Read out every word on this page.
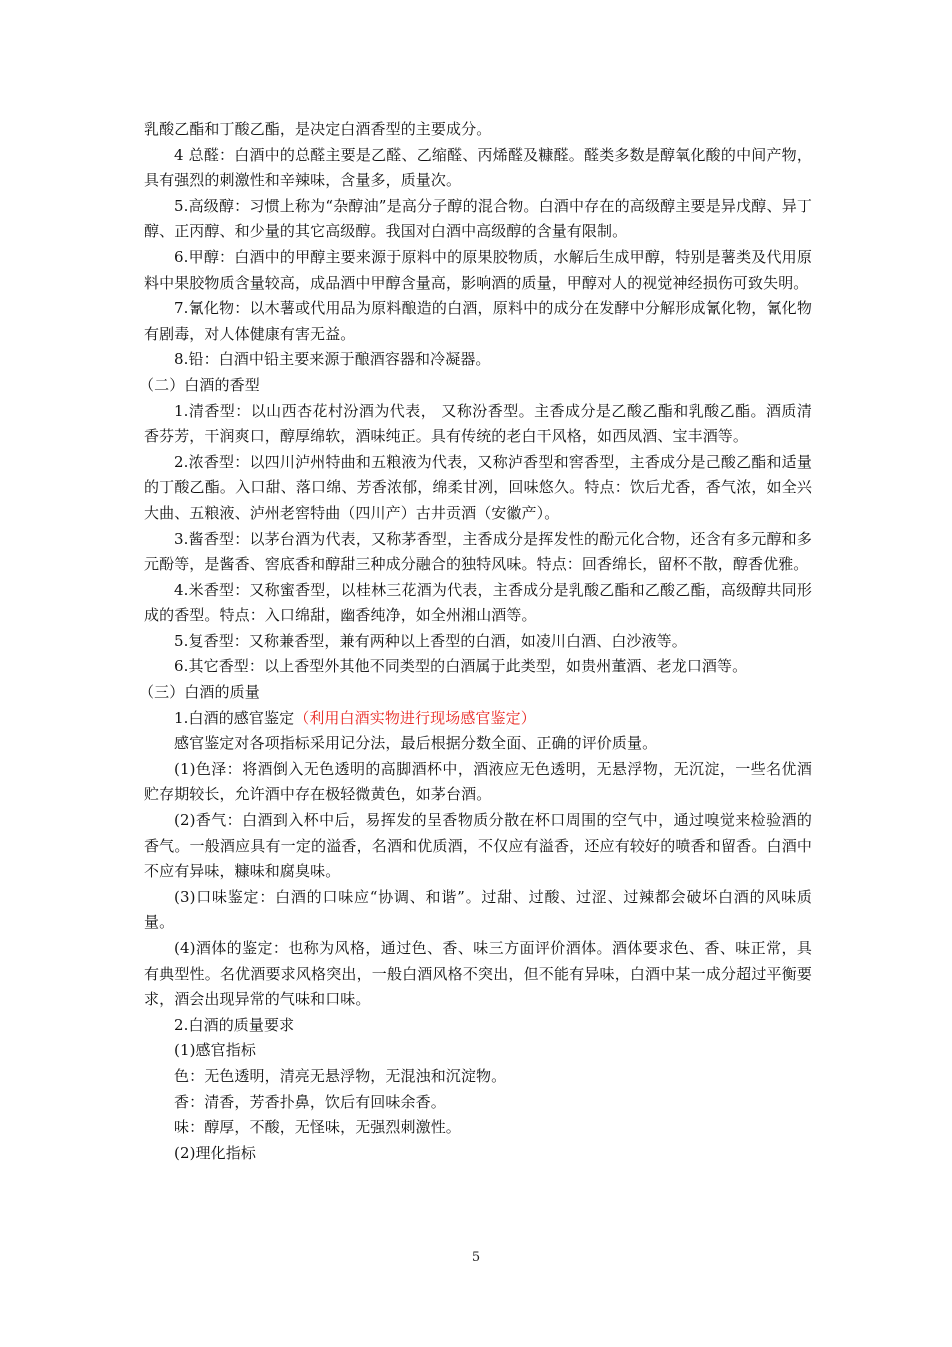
乳酸乙酯和丁酸乙酯，是决定白酒香型的主要成分。

4 总醛：白酒中的总醛主要是乙醛、乙缩醛、丙烯醛及糠醛。醛类多数是醇氧化酸的中间产物，具有强烈的刺激性和辛辣味，含量多，质量次。

5.高级醇：习惯上称为“杂醇油”是高分子醇的混合物。白酒中存在的高级醇主要是异戊醇、异丁醇、正丙醇、和少量的其它高级醇。我国对白酒中高级醇的含量有限制。

6.甲醇：白酒中的甲醇主要来源于原料中的原果胶物质，水解后生成甲醇，特别是薯类及代用原料中果胶物质含量较高，成品酒中甲醇含量高，影响酒的质量，甲醇对人的视觉神经损伤可致失明。

7.氰化物：以木薯或代用品为原料酿造的白酒，原料中的成分在发酵中分解形成氰化物，氰化物有剧毒，对人体健康有害无益。

8.铅：白酒中铅主要来源于酿酒容器和冷凝器。

（二）白酒的香型

1.清香型：以山西杏花村汾酒为代表， 又称汾香型。主香成分是乙酸乙酯和乳酸乙酯。酒质清香芬芳，干润爽口，醇厚绵软，酒味纯正。具有传统的老白干风格，如西凤酒、宝丰酒等。

2.浓香型：以四川泸州特曲和五粮液为代表，又称泸香型和窖香型，主香成分是己酸乙酯和适量的丁酸乙酯。入口甜、落口绵、芳香浓郁，绵柔甘冽，回味悠久。特点：饮后尤香，香气浓，如全兴大曲、五粮液、泸州老窖特曲（四川产）古井贡酒（安徽产）。

3.酱香型：以茅台酒为代表，又称茅香型，主香成分是挥发性的酚元化合物，还含有多元醇和多元酚等，是酱香、窖底香和醇甜三种成分融合的独特风味。特点：回香绵长，留杯不散，醇香优雅。

4.米香型：又称蜜香型，以桂林三花酒为代表，主香成分是乳酸乙酯和乙酸乙酯，高级醇共同形成的香型。特点：入口绵甜，幽香纯净，如全州湘山酒等。

5.复香型：又称兼香型，兼有两种以上香型的白酒，如凌川白酒、白沙液等。

6.其它香型：以上香型外其他不同类型的白酒属于此类型，如贵州董酒、老龙口酒等。

（三）白酒的质量

1.白酒的感官鉴定（利用白酒实物进行现场感官鉴定）

感官鉴定对各项指标采用记分法，最后根据分数全面、正确的评价质量。

(1)色泽：将酒倒入无色透明的高脚酒杯中，酒液应无色透明，无悬浮物，无沉淀，一些名优酒贮存期较长，允许酒中存在极轻微黄色，如茅台酒。

(2)香气：白酒到入杯中后，易挥发的呈香物质分散在杯口周围的空气中，通过嗅觉来检验酒的香气。一般酒应具有一定的溢香，名酒和优质酒，不仅应有溢香，还应有较好的喷香和留香。白酒中不应有异味，糠味和腐臭味。

(3)口味鉴定：白酒的口味应“协调、和谐”。过甜、过酸、过涩、过辣都会破坏白酒的风味质量。

(4)酒体的鉴定：也称为风格，通过色、香、味三方面评价酒体。酒体要求色、香、味正常，具有典型性。名优酒要求风格突出，一般白酒风格不突出，但不能有异味，白酒中某一成分超过平衡要求，酒会出现异常的气味和口味。

2.白酒的质量要求

(1)感官指标

色：无色透明，清亮无悬浮物，无混浊和沉淀物。

香：清香，芳香扑鼻，饮后有回味余香。

味：醇厚，不酸，无怪味，无强烈刺激性。

(2)理化指标

5
